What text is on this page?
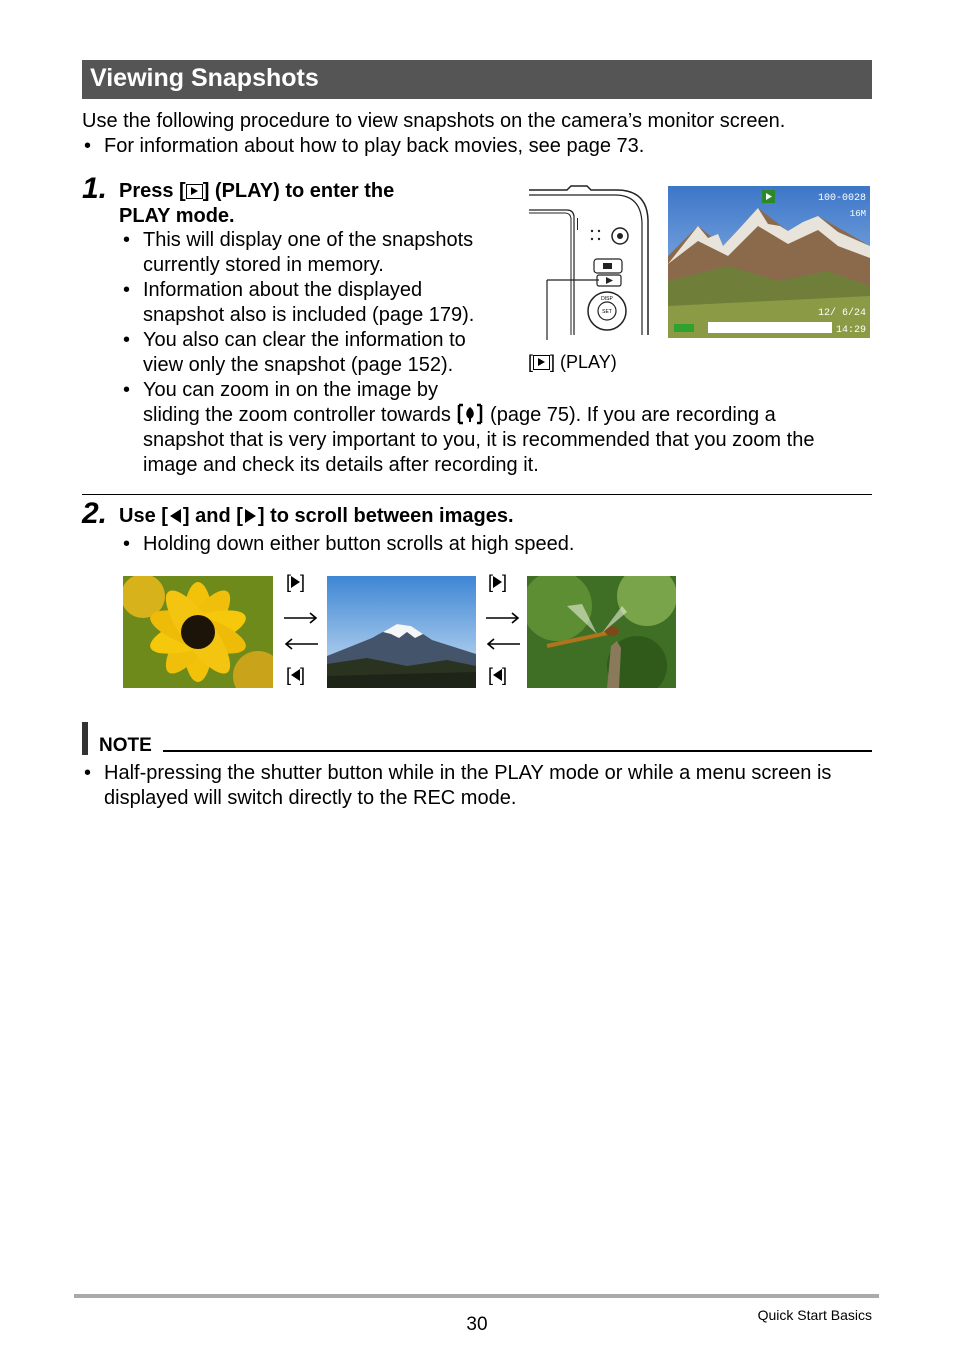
Viewing Snapshots
Use the following procedure to view snapshots on the camera’s monitor screen.
• For information about how to play back movies, see page 73.
1. Press [ ] (PLAY) to enter the
PLAY mode.
• This will display one of the snapshots
currently stored in memory.
• Information about the displayed
snapshot also is included (page 179).
• You also can clear the information to
view only the snapshot (page 152).
• You can zoom in on the image by
sliding the zoom controller towards (page 75). If you are recording a
snapshot that is very important to you, it is recommended that you zoom the
image and check its details after recording it.
DISP
SET
100-0028
16M
12/ 6/24
14:29
[ ] (PLAY)
2. Use [ ] and [ ] to scroll between images.
• Holding down either button scrolls at high speed.
[ ]
[ ]
[ ]
[ ]
NOTE
• Half-pressing the shutter button while in the PLAY mode or while a menu screen is
displayed will switch directly to the REC mode.
30	Quick Start Basics
